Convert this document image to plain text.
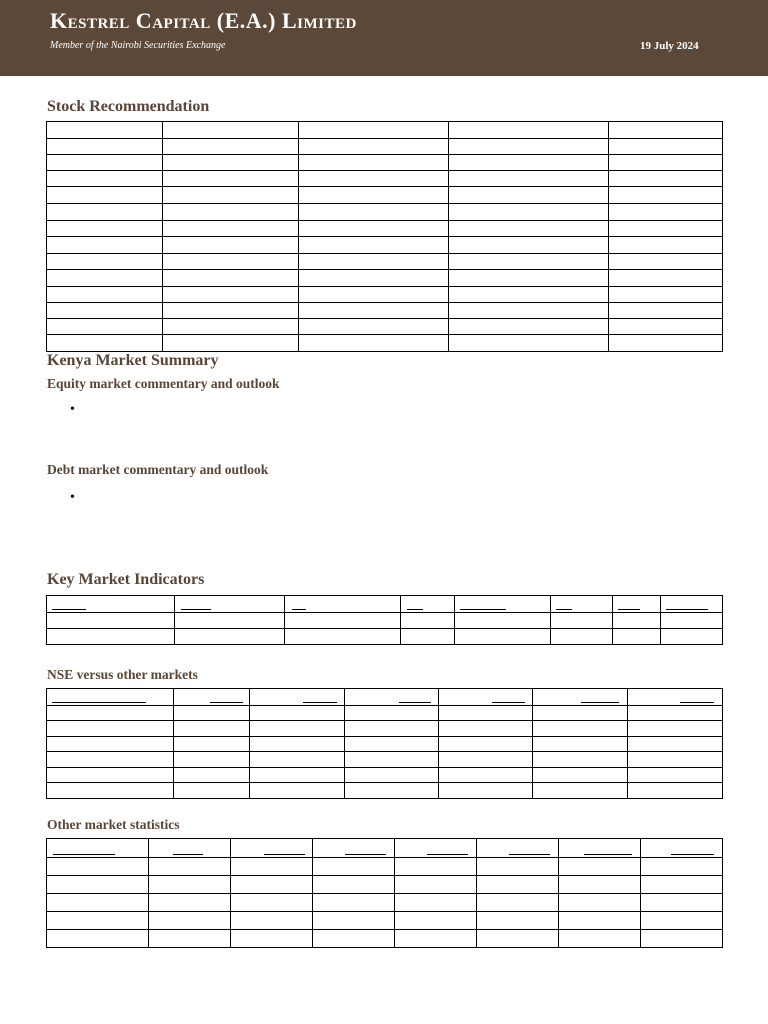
Kestrel Capital (E.A.) Limited
Member of the Nairobi Securities Exchange	19 July 2024
Stock Recommendation

Kenya Market Summary
Equity market commentary and outlook
•
Debt market commentary and outlook
•
Key Market Indicators

NSE versus other markets

Other market statistics
